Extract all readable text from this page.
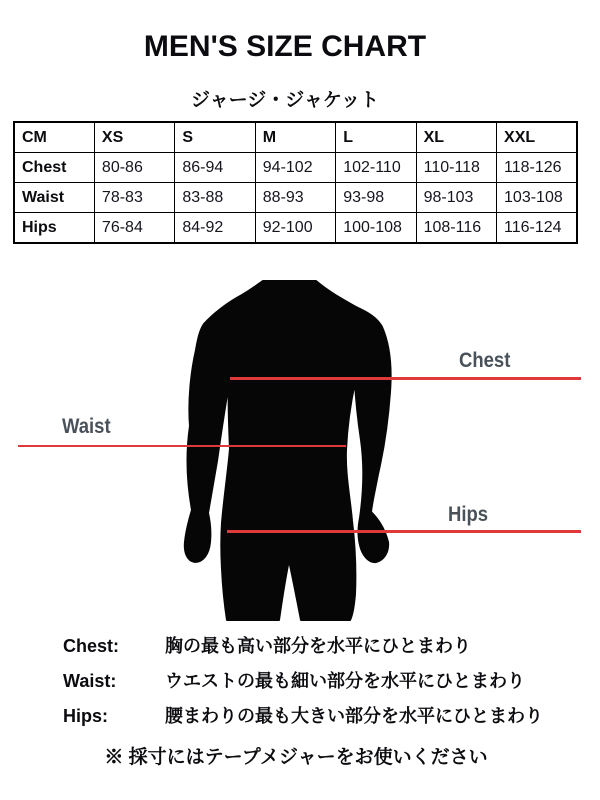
MEN'S SIZE CHART
ジャージ・ジャケット
CM	XS	S	M	L	XL	XXL
Chest	80-86	86-94	94-102	102-110	110-118	118-126
Waist	78-83	83-88	88-93	93-98	98-103	103-108
Hips	76-84	84-92	92-100	100-108	108-116	116-124
Chest
Waist
Hips
Chest:	胸の最も高い部分を水平にひとまわり
Waist:	ウエストの最も細い部分を水平にひとまわり
Hips:	腰まわりの最も大きい部分を水平にひとまわり
※ 採寸にはテープメジャーをお使いください
